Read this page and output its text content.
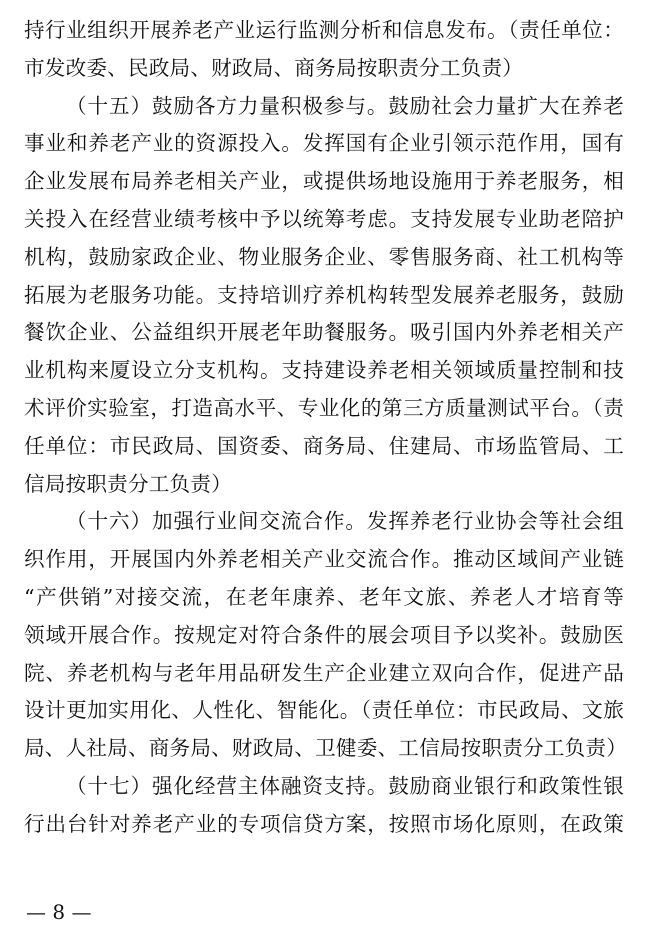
持行业组织开展养老产业运行监测分析和信息发布。（责任单位：
市发改委、民政局、财政局、商务局按职责分工负责）
（十五）鼓励各方力量积极参与。鼓励社会力量扩大在养老
事业和养老产业的资源投入。发挥国有企业引领示范作用，国有
企业发展布局养老相关产业，或提供场地设施用于养老服务，相
关投入在经营业绩考核中予以统筹考虑。支持发展专业助老陪护
机构，鼓励家政企业、物业服务企业、零售服务商、社工机构等
拓展为老服务功能。支持培训疗养机构转型发展养老服务，鼓励
餐饮企业、公益组织开展老年助餐服务。吸引国内外养老相关产
业机构来厦设立分支机构。支持建设养老相关领域质量控制和技
术评价实验室，打造高水平、专业化的第三方质量测试平台。（责
任单位：市民政局、国资委、商务局、住建局、市场监管局、工
信局按职责分工负责）
（十六）加强行业间交流合作。发挥养老行业协会等社会组
织作用，开展国内外养老相关产业交流合作。推动区域间产业链
“产供销”对接交流，在老年康养、老年文旅、养老人才培育等
领域开展合作。按规定对符合条件的展会项目予以奖补。鼓励医
院、养老机构与老年用品研发生产企业建立双向合作，促进产品
设计更加实用化、人性化、智能化。（责任单位：市民政局、文旅
局、人社局、商务局、财政局、卫健委、工信局按职责分工负责）
（十七）强化经营主体融资支持。鼓励商业银行和政策性银
行出台针对养老产业的专项信贷方案，按照市场化原则，在政策
— 8 —
